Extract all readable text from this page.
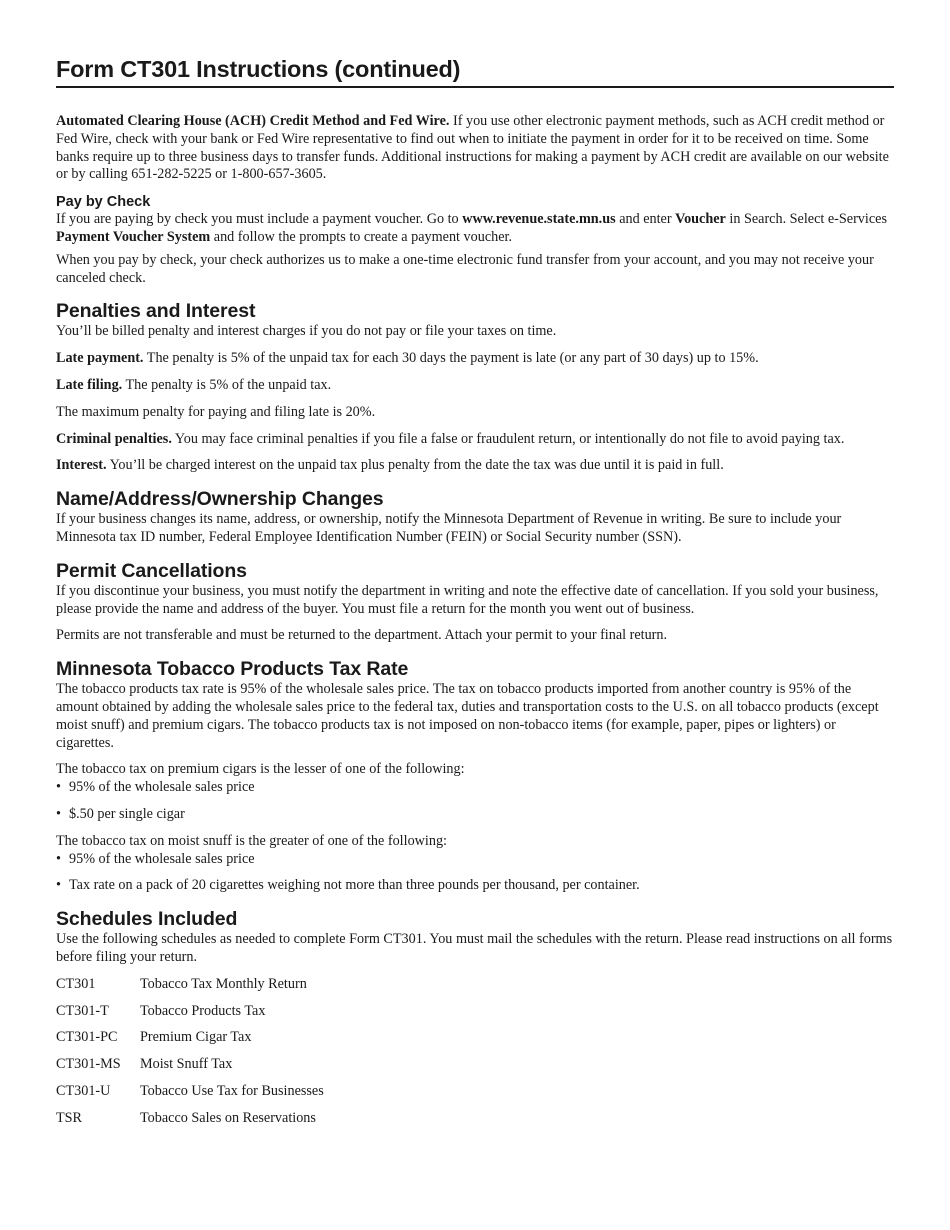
Form CT301 Instructions (continued)

Automated Clearing House (ACH) Credit Method and Fed Wire. If you use other electronic payment methods, such as ACH credit method or Fed Wire, check with your bank or Fed Wire representative to find out when to initiate the payment in order for it to be received on time. Some banks require up to three business days to transfer funds. Additional instructions for making a payment by ACH credit are available on our website or by calling 651-282-5225 or 1-800-657-3605.

Pay by Check

If you are paying by check you must include a payment voucher. Go to www.revenue.state.mn.us and enter Voucher in Search. Select e-Services Payment Voucher System and follow the prompts to create a payment voucher.

When you pay by check, your check authorizes us to make a one-time electronic fund transfer from your account, and you may not receive your canceled check.

Penalties and Interest

You’ll be billed penalty and interest charges if you do not pay or file your taxes on time.

Late payment. The penalty is 5% of the unpaid tax for each 30 days the payment is late (or any part of 30 days) up to 15%.

Late filing. The penalty is 5% of the unpaid tax.

The maximum penalty for paying and filing late is 20%.

Criminal penalties. You may face criminal penalties if you file a false or fraudulent return, or intentionally do not file to avoid paying tax.

Interest. You’ll be charged interest on the unpaid tax plus penalty from the date the tax was due until it is paid in full.

Name/Address/Ownership Changes

If your business changes its name, address, or ownership, notify the Minnesota Department of Revenue in writing. Be sure to include your Minnesota tax ID number, Federal Employee Identification Number (FEIN) or Social Security number (SSN).

Permit Cancellations

If you discontinue your business, you must notify the department in writing and note the effective date of cancellation. If you sold your business, please provide the name and address of the buyer. You must file a return for the month you went out of business.

Permits are not transferable and must be returned to the department. Attach your permit to your final return.

Minnesota Tobacco Products Tax Rate

The tobacco products tax rate is 95% of the wholesale sales price. The tax on tobacco products imported from another country is 95% of the amount obtained by adding the wholesale sales price to the federal tax, duties and transportation costs to the U.S. on all tobacco products (except moist snuff) and premium cigars. The tobacco products tax is not imposed on non-tobacco items (for example, paper, pipes or lighters) or cigarettes.

The tobacco tax on premium cigars is the lesser of one of the following:

• 95% of the wholesale sales price
• $.50 per single cigar

The tobacco tax on moist snuff is the greater of one of the following:

• 95% of the wholesale sales price
• Tax rate on a pack of 20 cigarettes weighing not more than three pounds per thousand, per container.
Schedules Included

Use the following schedules as needed to complete Form CT301. You must mail the schedules with the return. Please read instructions on all forms before filing your return.

CT301	Tobacco Tax Monthly Return
CT301-T	Tobacco Products Tax
CT301-PC	Premium Cigar Tax
CT301-MS	Moist Snuff Tax
CT301-U	Tobacco Use Tax for Businesses
TSR	Tobacco Sales on Reservations
